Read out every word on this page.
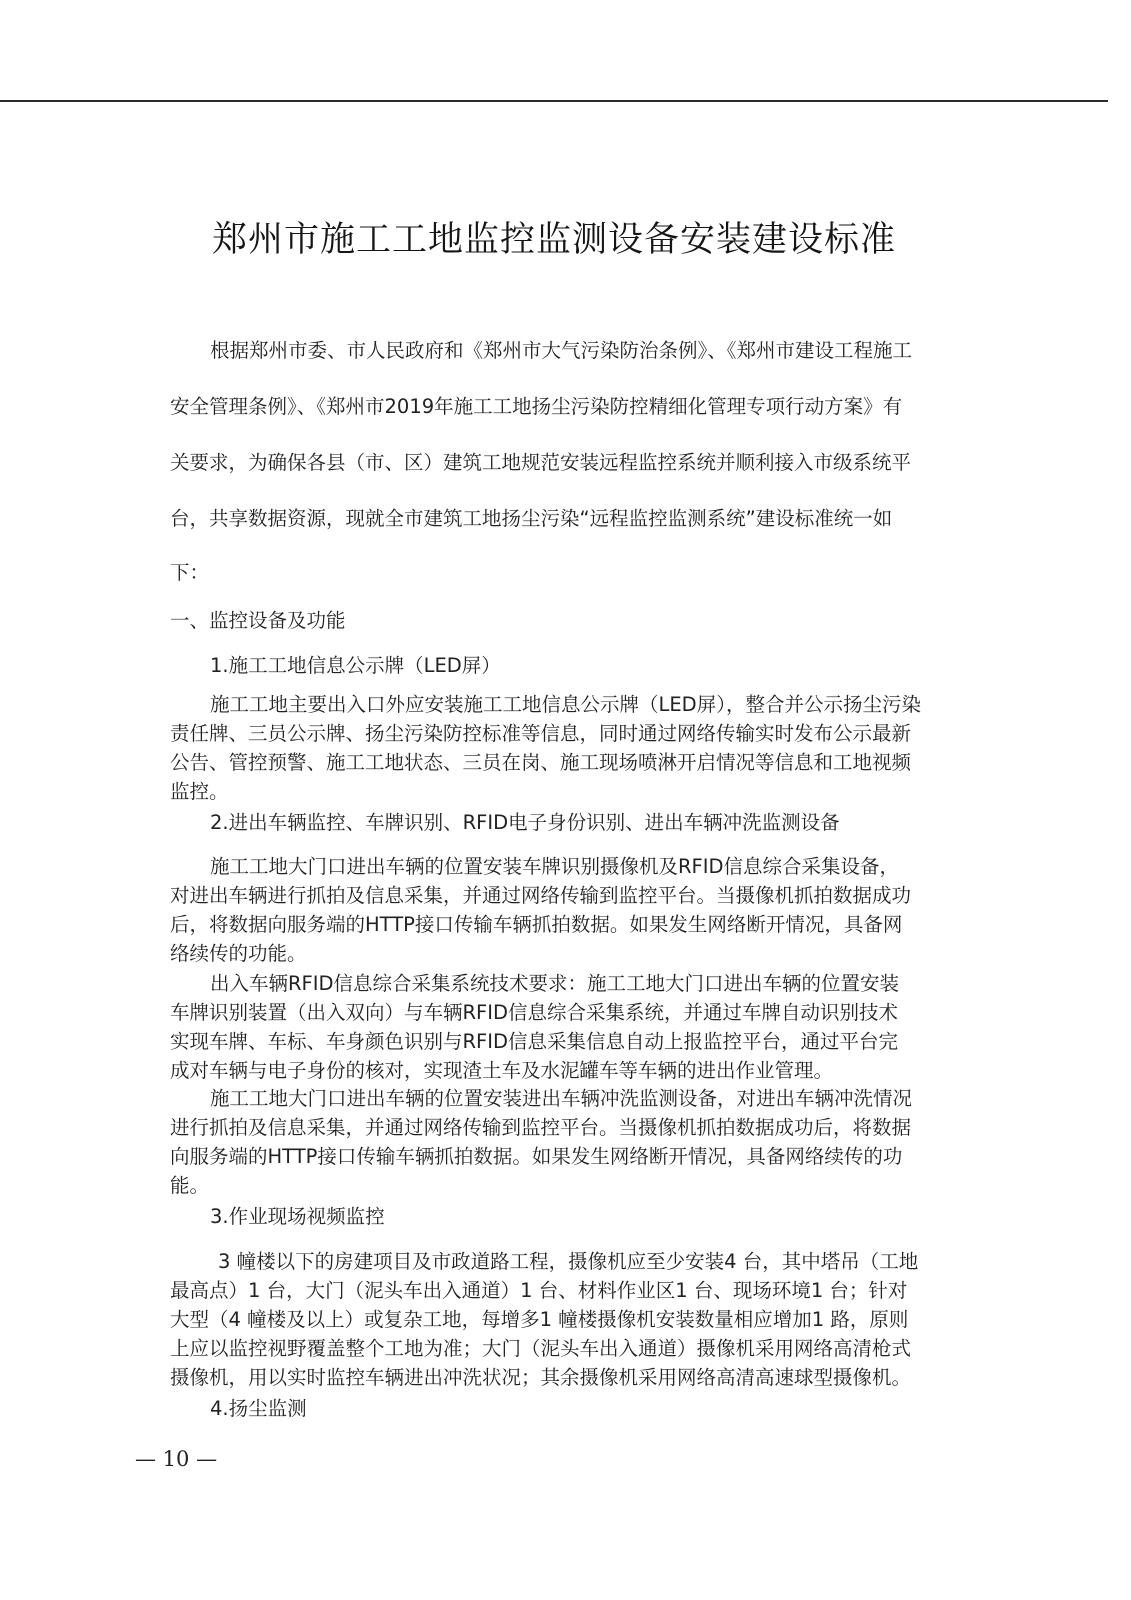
郑州市施工工地监控监测设备安装建设标准
根据郑州市委、市人民政府和《郑州市大气污染防治条例》、《郑州市建设工程施工
安全管理条例》、《郑州市2019年施工工地扬尘污染防控精细化管理专项行动方案》有
关要求，为确保各县（市、区）建筑工地规范安装远程监控系统并顺利接入市级系统平
台，共享数据资源，现就全市建筑工地扬尘污染“远程监控监测系统”建设标准统一如
下：
一、监控设备及功能
1.施工工地信息公示牌（LED屏）
施工工地主要出入口外应安装施工工地信息公示牌（LED屏），整合并公示扬尘污染
责任牌、三员公示牌、扬尘污染防控标准等信息，同时通过网络传输实时发布公示最新
公告、管控预警、施工工地状态、三员在岗、施工现场喷淋开启情况等信息和工地视频
监控。
2.进出车辆监控、车牌识别、RFID电子身份识别、进出车辆冲洗监测设备
施工工地大门口进出车辆的位置安装车牌识别摄像机及RFID信息综合采集设备，
对进出车辆进行抓拍及信息采集，并通过网络传输到监控平台。当摄像机抓拍数据成功
后，将数据向服务端的HTTP接口传输车辆抓拍数据。如果发生网络断开情况，具备网
络续传的功能。
出入车辆RFID信息综合采集系统技术要求：施工工地大门口进出车辆的位置安装
车牌识别装置（出入双向）与车辆RFID信息综合采集系统，并通过车牌自动识别技术
实现车牌、车标、车身颜色识别与RFID信息采集信息自动上报监控平台，通过平台完
成对车辆与电子身份的核对，实现渣土车及水泥罐车等车辆的进出作业管理。
施工工地大门口进出车辆的位置安装进出车辆冲洗监测设备，对进出车辆冲洗情况
进行抓拍及信息采集，并通过网络传输到监控平台。当摄像机抓拍数据成功后，将数据
向服务端的HTTP接口传输车辆抓拍数据。如果发生网络断开情况，具备网络续传的功
能。
3.作业现场视频监控
3 幢楼以下的房建项目及市政道路工程，摄像机应至少安装4 台，其中塔吊（工地
最高点）1 台，大门（泥头车出入通道）1 台、材料作业区1 台、现场环境1 台；针对
大型（4 幢楼及以上）或复杂工地，每增多1 幢楼摄像机安装数量相应增加1 路，原则
上应以监控视野覆盖整个工地为准；大门（泥头车出入通道）摄像机采用网络高清枪式
摄像机，用以实时监控车辆进出冲洗状况；其余摄像机采用网络高清高速球型摄像机。
4.扬尘监测
— 10 —
